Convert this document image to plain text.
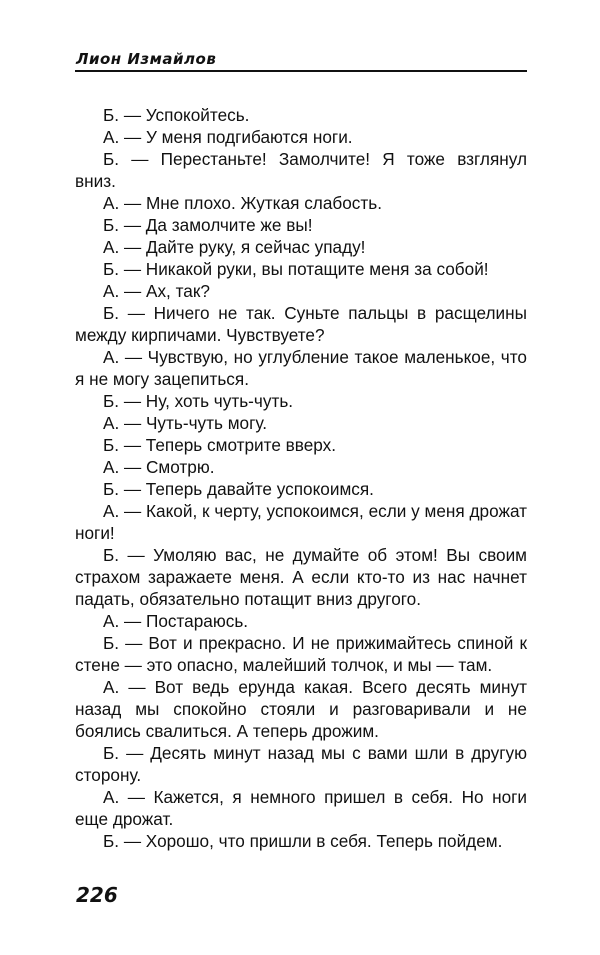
Лион Измайлов

Б. — Успокойтесь.

А. — У меня подгибаются ноги.

Б. — Перестаньте! Замолчите! Я тоже взглянул вниз.

А. — Мне плохо. Жуткая слабость.

Б. — Да замолчите же вы!

А. — Дайте руку, я сейчас упаду!

Б. — Никакой руки, вы потащите меня за собой!

А. — Ах, так?

Б. — Ничего не так. Суньте пальцы в расщелины между кирпичами. Чувствуете?

А. — Чувствую, но углубление такое маленькое, что я не могу зацепиться.

Б. — Ну, хоть чуть-чуть.

А. — Чуть-чуть могу.

Б. — Теперь смотрите вверх.

А. — Смотрю.

Б. — Теперь давайте успокоимся.

А. — Какой, к черту, успокоимся, если у меня дрожат ноги!

Б. — Умоляю вас, не думайте об этом! Вы своим страхом заражаете меня. А если кто-то из нас начнет падать, обязательно потащит вниз другого.

А. — Постараюсь.

Б. — Вот и прекрасно. И не прижимайтесь спиной к стене — это опасно, малейший толчок, и мы — там.

А. — Вот ведь ерунда какая. Всего десять минут назад мы спокойно стояли и разговаривали и не боялись свалиться. А теперь дрожим.

Б. — Десять минут назад мы с вами шли в другую сторону.

А. — Кажется, я немного пришел в себя. Но ноги еще дрожат.

Б. — Хорошо, что пришли в себя. Теперь пойдем.

226
